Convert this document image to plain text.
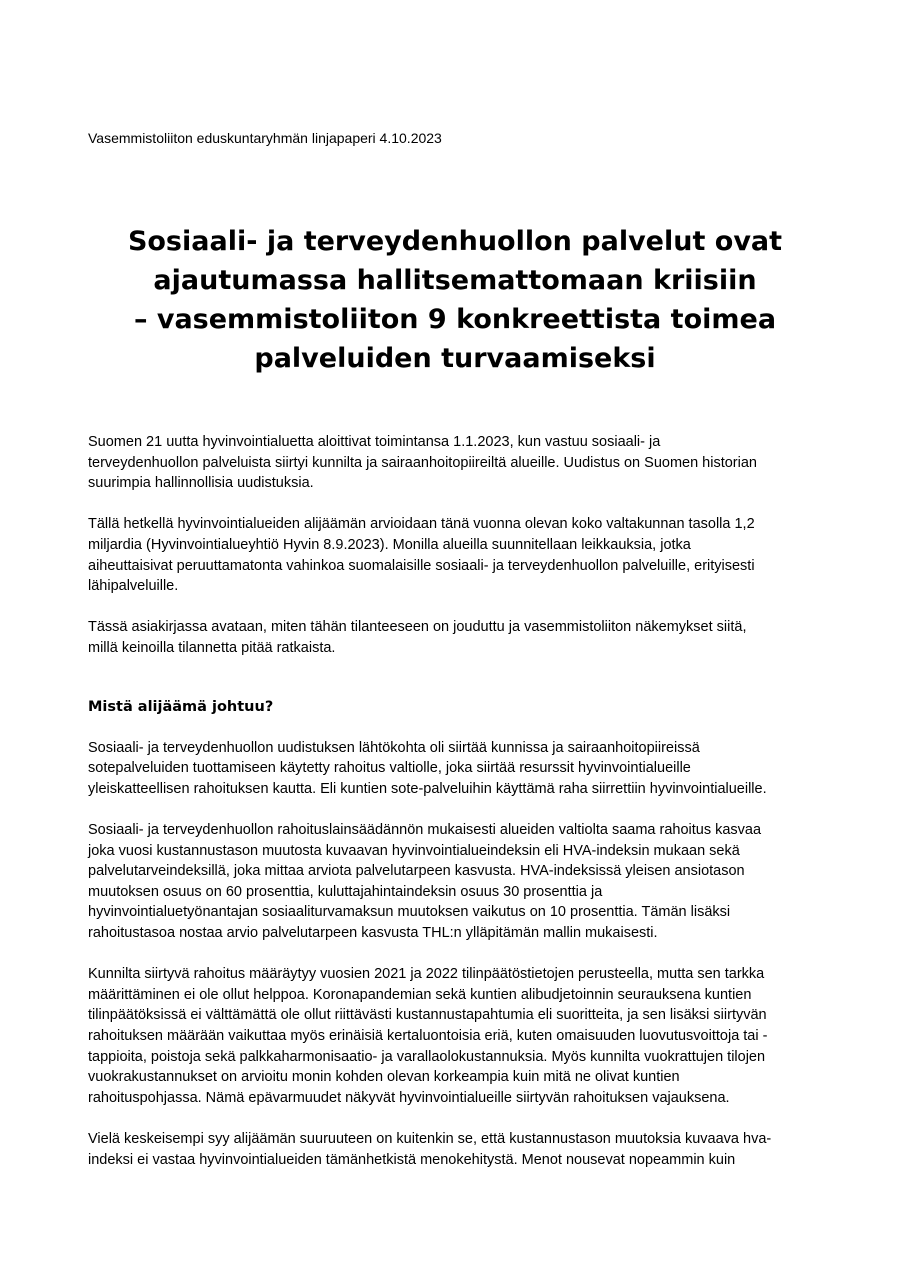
Vasemmistoliiton eduskuntaryhmän linjapaperi 4.10.2023
Sosiaali- ja terveydenhuollon palvelut ovat
ajautumassa hallitsemattomaan kriisiin
– vasemmistoliiton 9 konkreettista toimea
palveluiden turvaamiseksi

Suomen 21 uutta hyvinvointialuetta aloittivat toimintansa 1.1.2023, kun vastuu sosiaali- ja
terveydenhuollon palveluista siirtyi kunnilta ja sairaanhoitopiireiltä alueille. Uudistus on Suomen historian
suurimpia hallinnollisia uudistuksia.

Tällä hetkellä hyvinvointialueiden alijäämän arvioidaan tänä vuonna olevan koko valtakunnan tasolla 1,2
miljardia (Hyvinvointialueyhtiö Hyvin 8.9.2023). Monilla alueilla suunnitellaan leikkauksia, jotka
aiheuttaisivat peruuttamatonta vahinkoa suomalaisille sosiaali- ja terveydenhuollon palveluille, erityisesti
lähipalveluille.

Tässä asiakirjassa avataan, miten tähän tilanteeseen on jouduttu ja vasemmistoliiton näkemykset siitä,
millä keinoilla tilannetta pitää ratkaista.

Mistä alijäämä johtuu?

Sosiaali- ja terveydenhuollon uudistuksen lähtökohta oli siirtää kunnissa ja sairaanhoitopiireissä
sotepalveluiden tuottamiseen käytetty rahoitus valtiolle, joka siirtää resurssit hyvinvointialueille
yleiskatteellisen rahoituksen kautta. Eli kuntien sote-palveluihin käyttämä raha siirrettiin hyvinvointialueille.

Sosiaali- ja terveydenhuollon rahoituslainsäädännön mukaisesti alueiden valtiolta saama rahoitus kasvaa
joka vuosi kustannustason muutosta kuvaavan hyvinvointialueindeksin eli HVA-indeksin mukaan sekä
palvelutarveindeksillä, joka mittaa arviota palvelutarpeen kasvusta. HVA-indeksissä yleisen ansiotason
muutoksen osuus on 60 prosenttia, kuluttajahintaindeksin osuus 30 prosenttia ja
hyvinvointialuetyönantajan sosiaaliturvamaksun muutoksen vaikutus on 10 prosenttia. Tämän lisäksi
rahoitustasoa nostaa arvio palvelutarpeen kasvusta THL:n ylläpitämän mallin mukaisesti.

Kunnilta siirtyvä rahoitus määräytyy vuosien 2021 ja 2022 tilinpäätöstietojen perusteella, mutta sen tarkka
määrittäminen ei ole ollut helppoa. Koronapandemian sekä kuntien alibudjetoinnin seurauksena kuntien
tilinpäätöksissä ei välttämättä ole ollut riittävästi kustannustapahtumia eli suoritteita, ja sen lisäksi siirtyvän
rahoituksen määrään vaikuttaa myös erinäisiä kertaluontoisia eriä, kuten omaisuuden luovutusvoittoja tai -
tappioita, poistoja sekä palkkaharmonisaatio- ja varallaolokustannuksia. Myös kunnilta vuokrattujen tilojen
vuokrakustannukset on arvioitu monin kohden olevan korkeampia kuin mitä ne olivat kuntien
rahoituspohjassa. Nämä epävarmuudet näkyvät hyvinvointialueille siirtyvän rahoituksen vajauksena.

Vielä keskeisempi syy alijäämän suuruuteen on kuitenkin se, että kustannustason muutoksia kuvaava hva-
indeksi ei vastaa hyvinvointialueiden tämänhetkistä menokehitystä. Menot nousevat nopeammin kuin
